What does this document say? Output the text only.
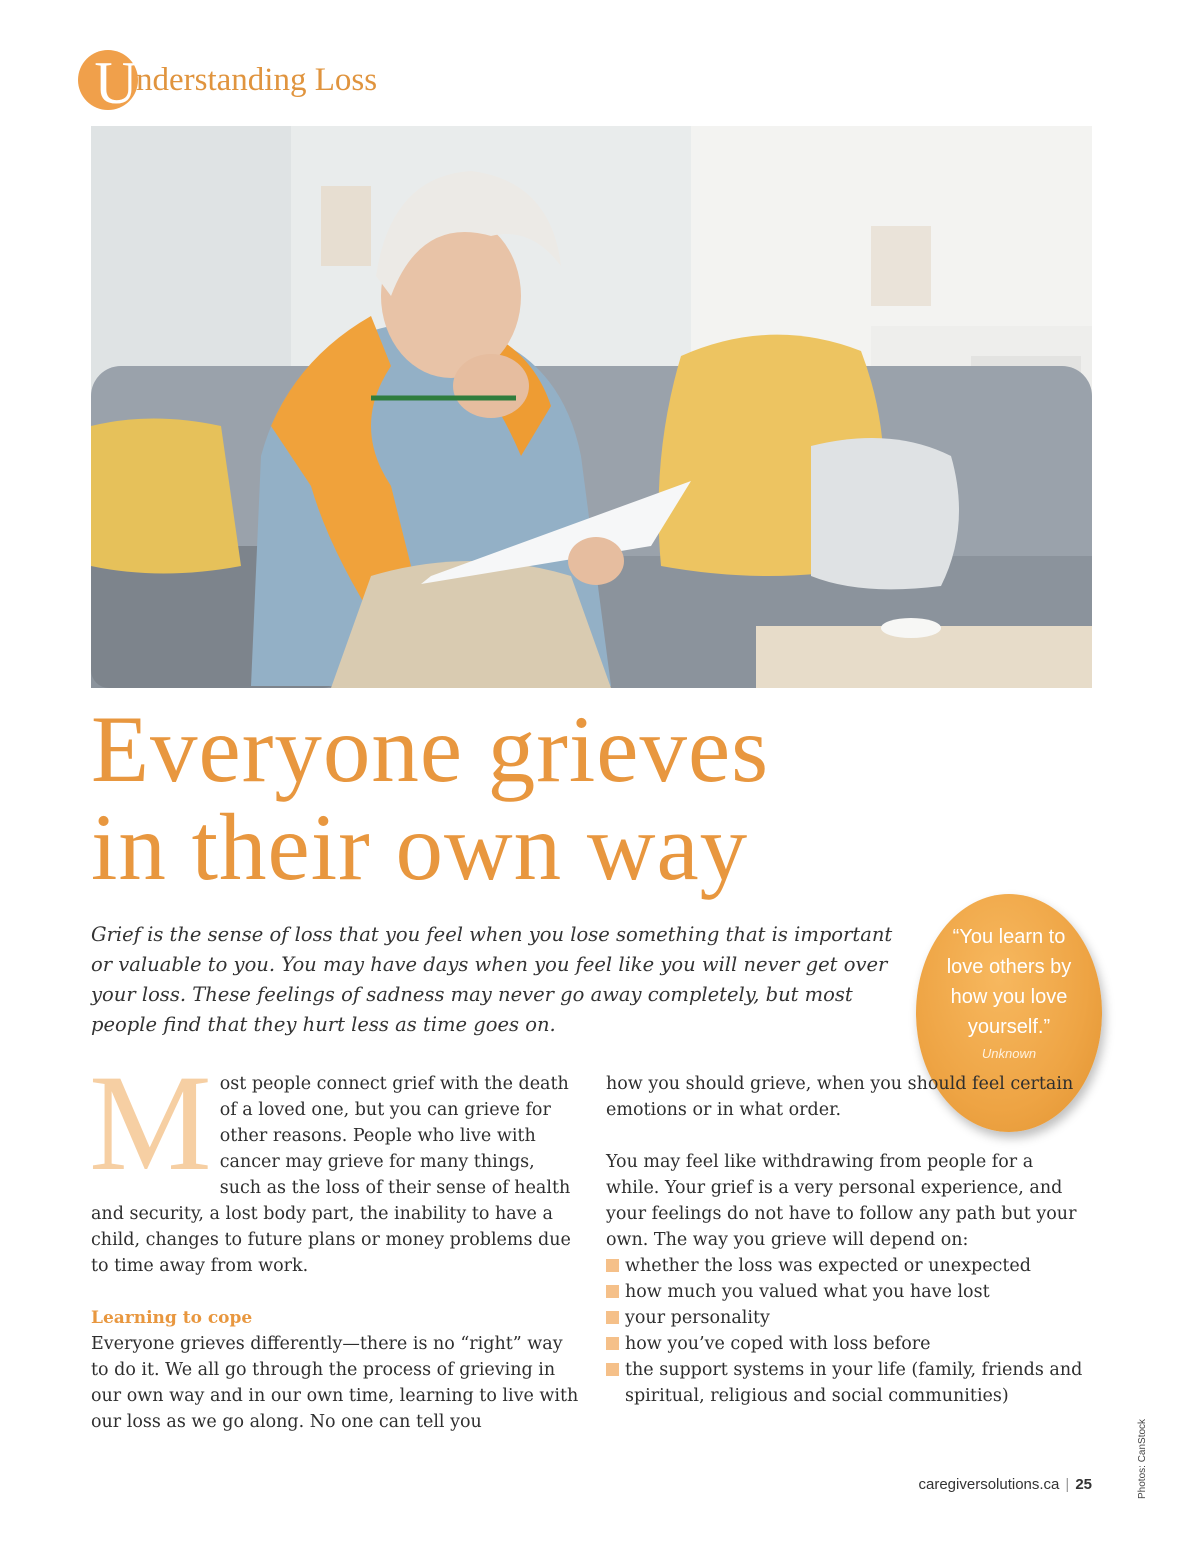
U
nderstanding Loss
Everyone grieves
in their own way
Grief is the sense of loss that you feel when you lose something that is important or valuable to you. You may have days when you feel like you will never get over your loss. These feelings of sadness may never go away completely, but most people find that they hurt less as time goes on.
“You learn to love others by how you love yourself.”
Unknown

Most people connect grief with the death of a loved one, but you can grieve for other reasons. People who live with cancer may grieve for many things, such as the loss of their sense of health and security, a lost body part, the inability to have a child, changes to future plans or money problems due to time away from work.

Learning to cope

Everyone grieves differently—there is no “right” way to do it. We all go through the process of grieving in our own way and in our own time, learning to live with our loss as we go along. No one can tell you

how you should grieve, when you should feel certain emotions or in what order.

You may feel like withdrawing from people for a while. Your grief is a very personal experience, and your feelings do not have to follow any path but your own. The way you grieve will depend on:

whether the loss was expected or unexpected
how much you valued what you have lost
your personality
how you’ve coped with loss before
the support systems in your life (family, friends and spiritual, religious and social communities)
caregiversolutions.ca | 25	Photos: CanStock
